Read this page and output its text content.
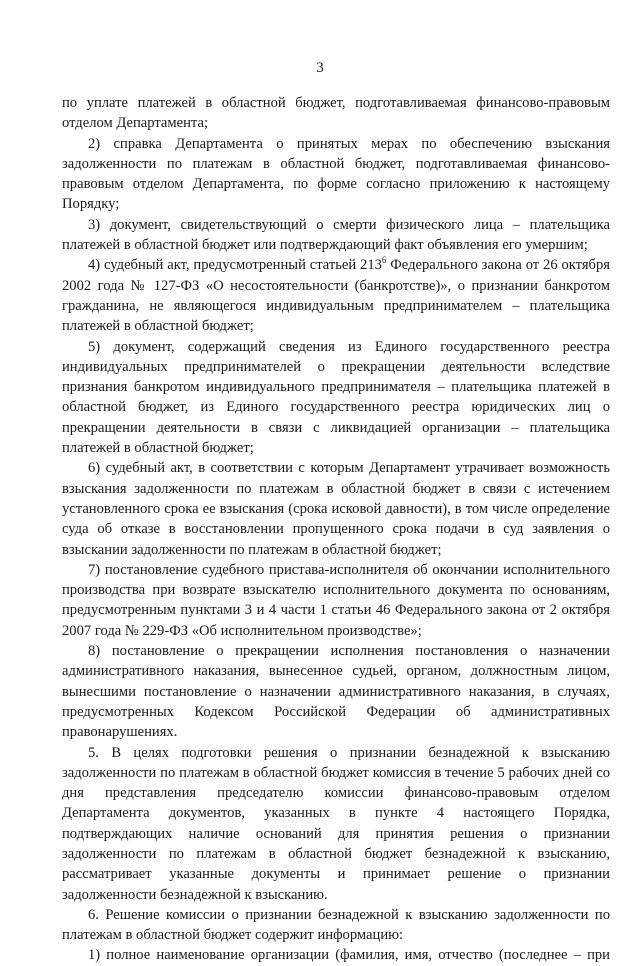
3

по уплате платежей в областной бюджет, подготавливаемая финансово-правовым отделом Департамента;

2) справка Департамента о принятых мерах по обеспечению взыскания задолженности по платежам в областной бюджет, подготавливаемая финансово-правовым отделом Департамента, по форме согласно приложению к настоящему Порядку;

3) документ, свидетельствующий о смерти физического лица – плательщика платежей в областной бюджет или подтверждающий факт объявления его умершим;

4) судебный акт, предусмотренный статьей $213^6$ Федерального закона от 26 октября 2002 года № 127-ФЗ «О несостоятельности (банкротстве)», о признании банкротом гражданина, не являющегося индивидуальным предпринимателем – плательщика платежей в областной бюджет;

5) документ, содержащий сведения из Единого государственного реестра индивидуальных предпринимателей о прекращении деятельности вследствие признания банкротом индивидуального предпринимателя – плательщика платежей в областной бюджет, из Единого государственного реестра юридических лиц о прекращении деятельности в связи с ликвидацией организации – плательщика платежей в областной бюджет;

6) судебный акт, в соответствии с которым Департамент утрачивает возможность взыскания задолженности по платежам в областной бюджет в связи с истечением установленного срока ее взыскания (срока исковой давности), в том числе определение суда об отказе в восстановлении пропущенного срока подачи в суд заявления о взыскании задолженности по платежам в областной бюджет;

7) постановление судебного пристава-исполнителя об окончании исполнительного производства при возврате взыскателю исполнительного документа по основаниям, предусмотренным пунктами 3 и 4 части 1 статьи 46 Федерального закона от 2 октября 2007 года № 229-ФЗ «Об исполнительном производстве»;

8) постановление о прекращении исполнения постановления о назначении административного наказания, вынесенное судьей, органом, должностным лицом, вынесшими постановление о назначении административного наказания, в случаях, предусмотренных Кодексом Российской Федерации об административных правонарушениях.

5. В целях подготовки решения о признании безнадежной к взысканию задолженности по платежам в областной бюджет комиссия в течение 5 рабочих дней со дня представления председателю комиссии финансово-правовым отделом Департамента документов, указанных в пункте 4 настоящего Порядка, подтверждающих наличие оснований для принятия решения о признании задолженности по платежам в областной бюджет безнадежной к взысканию, рассматривает указанные документы и принимает решение о признании задолженности безнадежной к взысканию.

6. Решение комиссии о признании безнадежной к взысканию задолженности по платежам в областной бюджет содержит информацию:

1) полное наименование организации (фамилия, имя, отчество (последнее – при
